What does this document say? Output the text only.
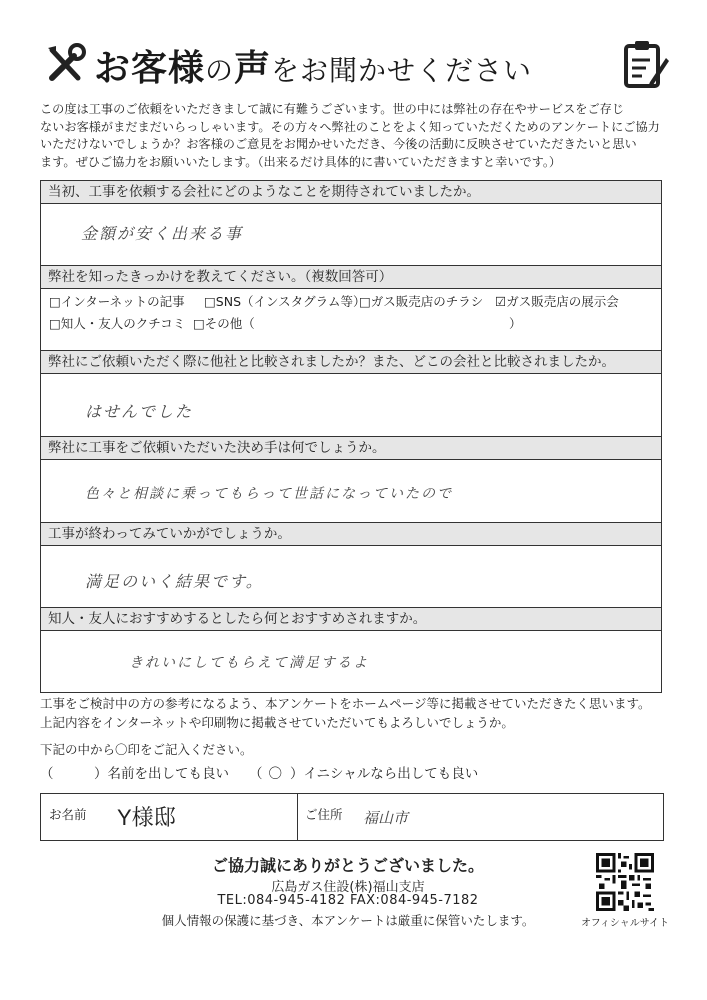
お客様の声をお聞かせください
この度は工事のご依頼をいただきまして誠に有難うございます。世の中には弊社の存在やサービスをご存じ
ないお客様がまだまだいらっしゃいます。その方々へ弊社のことをよく知っていただくためのアンケートにご協力
いただけないでしょうか？お客様のご意見をお聞かせいただき、今後の活動に反映させていただきたいと思い
ます。ぜひご協力をお願いいたします。（出来るだけ具体的に書いていただきますと幸いです。）
当初、工事を依頼する会社にどのようなことを期待されていましたか。
金額が安く出来る事
弊社を知ったきっかけを教えてください。（複数回答可）
□インターネットの記事 □SNS（インスタグラム等）
□ガス販売店のチラシ ☑ガス販売店の展示会
□知人・友人のクチコミ □その他（	）
弊社にご依頼いただく際に他社と比較されましたか？また、どこの会社と比較されましたか。
はせんでした
弊社に工事をご依頼いただいた決め手は何でしょうか。
色々と相談に乗ってもらって世話になっていたので
工事が終わってみていかがでしょうか。
満足のいく結果です。
知人・友人におすすめするとしたら何とおすすめされますか。
きれいにしてもらえて満足するよ
工事をご検討中の方の参考になるよう、本アンケートをホームページ等に掲載させていただきたく思います。
上記内容をインターネットや印刷物に掲載させていただいてもよろしいでしょうか。
下記の中から〇印をご記入ください。
（　　　）名前を出しても良い （ 〇 ）イニシャルなら出しても良い
お名前 Y様邸	ご住所 福山市
ご協力誠にありがとうございました。
広島ガス住設(株)福山支店
TEL:084-945-4182 FAX:084-945-7182
個人情報の保護に基づき、本アンケートは厳重に保管いたします。	オフィシャルサイト
